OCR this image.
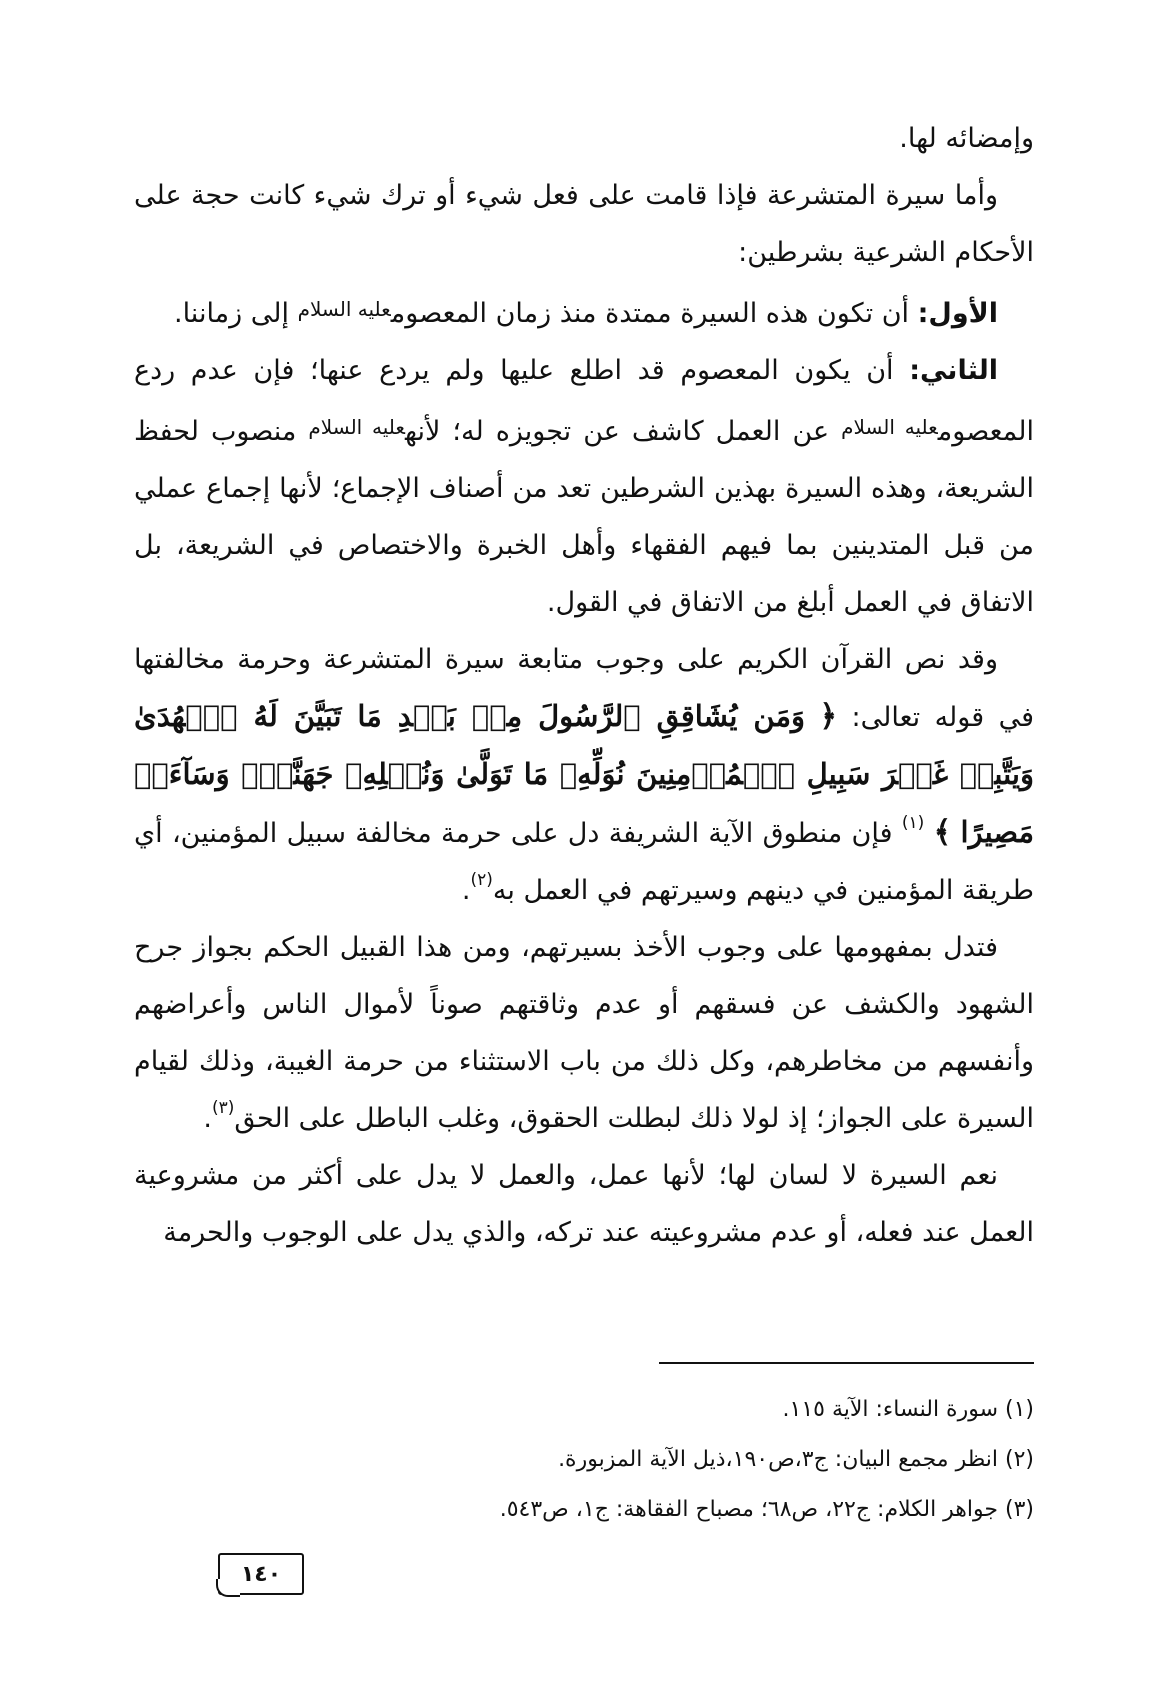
وإمضائه لها.

وأما سيرة المتشرعة فإذا قامت على فعل شيء أو ترك شيء كانت حجة على الأحكام الشرعية بشرطين:

الأول: أن تكون هذه السيرة ممتدة منذ زمان المعصوم$^{عليه السلام}$ إلى زماننا.

الثاني: أن يكون المعصوم قد اطلع عليها ولم يردع عنها؛ فإن عدم ردع المعصوم$^{عليه السلام}$ عن العمل كاشف عن تجويزه له؛ لأنه$^{عليه السلام}$ منصوب لحفظ الشريعة، وهذه السيرة بهذين الشرطين تعد من أصناف الإجماع؛ لأنها إجماع عملي من قبل المتدينين بما فيهم الفقهاء وأهل الخبرة والاختصاص في الشريعة، بل الاتفاق في العمل أبلغ من الاتفاق في القول.

وقد نص القرآن الكريم على وجوب متابعة سيرة المتشرعة وحرمة مخالفتها في قوله تعالى: ﴿ وَمَن يُشَاقِقِ ٱلرَّسُولَ مِنۢ بَعۡدِ مَا تَبَيَّنَ لَهُ ٱلۡهُدَىٰ وَيَتَّبِعۡ غَيۡرَ سَبِيلِ ٱلۡمُؤۡمِنِينَ نُوَلِّهِۦ مَا تَوَلَّىٰ وَنُصۡلِهِۦ جَهَنَّمَۖ وَسَآءَتۡ مَصِيرًا ﴾ $^{(١)}$ فإن منطوق الآية الشريفة دل على حرمة مخالفة سبيل المؤمنين، أي طريقة المؤمنين في دينهم وسيرتهم في العمل به$^{(٢)}$.

فتدل بمفهومها على وجوب الأخذ بسيرتهم، ومن هذا القبيل الحكم بجواز جرح الشهود والكشف عن فسقهم أو عدم وثاقتهم صوناً لأموال الناس وأعراضهم وأنفسهم من مخاطرهم، وكل ذلك من باب الاستثناء من حرمة الغيبة، وذلك لقيام السيرة على الجواز؛ إذ لولا ذلك لبطلت الحقوق، وغلب الباطل على الحق$^{(٣)}$.

نعم السيرة لا لسان لها؛ لأنها عمل، والعمل لا يدل على أكثر من مشروعية العمل عند فعله، أو عدم مشروعيته عند تركه، والذي يدل على الوجوب والحرمة

(١) سورة النساء: الآية ١١٥.

(٢) انظر مجمع البيان: ج٣،ص١٩٠،ذيل الآية المزبورة.

(٣) جواهر الكلام: ج٢٢، ص٦٨؛ مصباح الفقاهة: ج١، ص٥٤٣.

١٤٠
